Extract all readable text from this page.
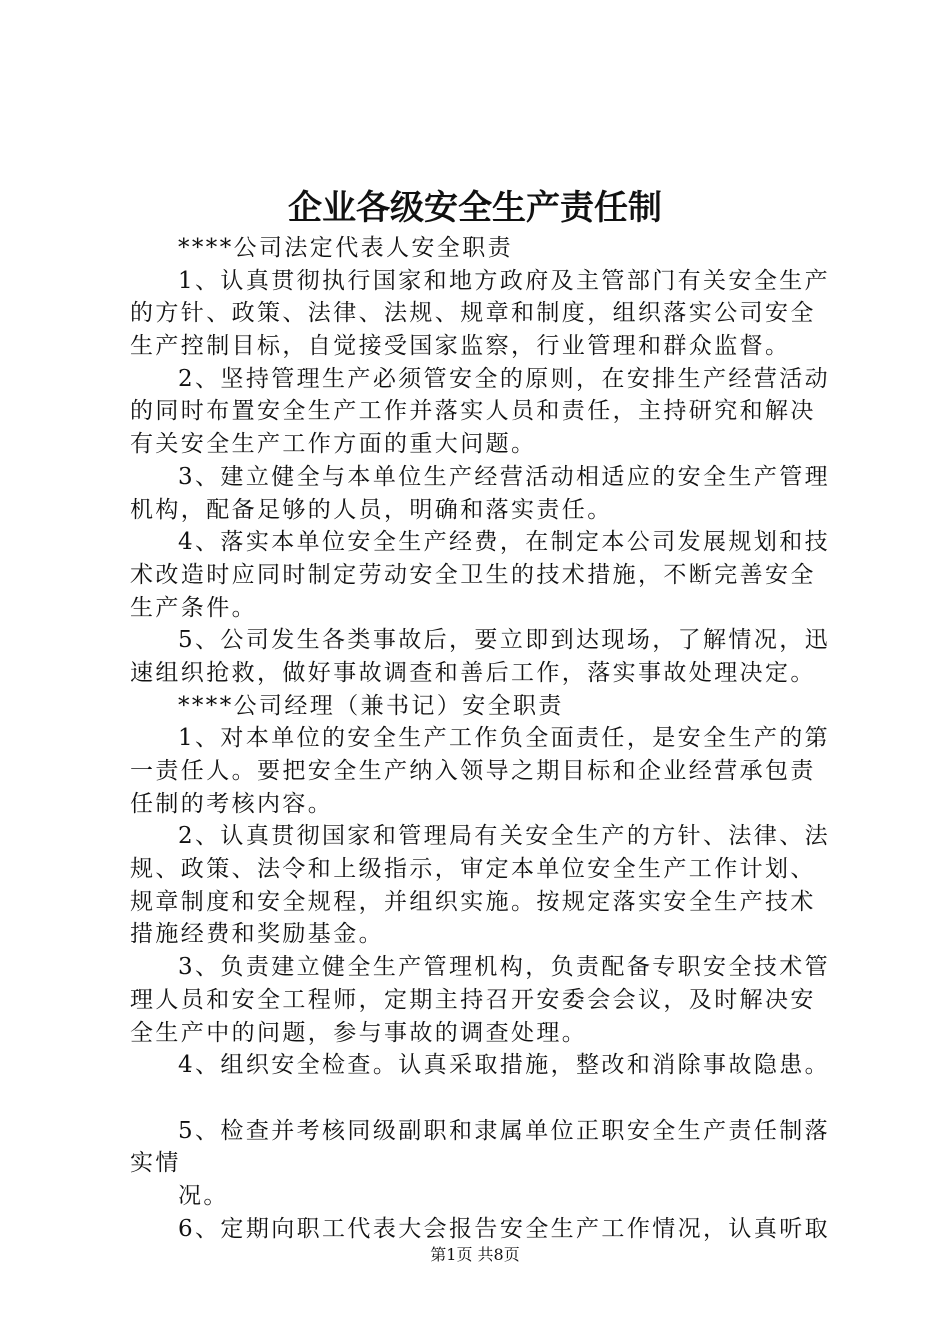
企业各级安全生产责任制
****公司法定代表人安全职责
1、认真贯彻执行国家和地方政府及主管部门有关安全生产
的方针、政策、法律、法规、规章和制度，组织落实公司安全
生产控制目标，自觉接受国家监察，行业管理和群众监督。
2、坚持管理生产必须管安全的原则，在安排生产经营活动
的同时布置安全生产工作并落实人员和责任，主持研究和解决
有关安全生产工作方面的重大问题。
3、建立健全与本单位生产经营活动相适应的安全生产管理
机构，配备足够的人员，明确和落实责任。
4、落实本单位安全生产经费，在制定本公司发展规划和技
术改造时应同时制定劳动安全卫生的技术措施，不断完善安全
生产条件。
5、公司发生各类事故后，要立即到达现场，了解情况，迅
速组织抢救，做好事故调查和善后工作，落实事故处理决定。
****公司经理（兼书记）安全职责
1、对本单位的安全生产工作负全面责任，是安全生产的第
一责任人。要把安全生产纳入领导之期目标和企业经营承包责
任制的考核内容。
2、认真贯彻国家和管理局有关安全生产的方针、法律、法
规、政策、法令和上级指示，审定本单位安全生产工作计划、
规章制度和安全规程，并组织实施。按规定落实安全生产技术
措施经费和奖励基金。
3、负责建立健全生产管理机构，负责配备专职安全技术管
理人员和安全工程师，定期主持召开安委会会议，及时解决安
全生产中的问题，参与事故的调查处理。
4、组织安全检查。认真采取措施，整改和消除事故隐患。
5、检查并考核同级副职和隶属单位正职安全生产责任制落
实情
况。
6、定期向职工代表大会报告安全生产工作情况，认真听取
第1页 共8页
